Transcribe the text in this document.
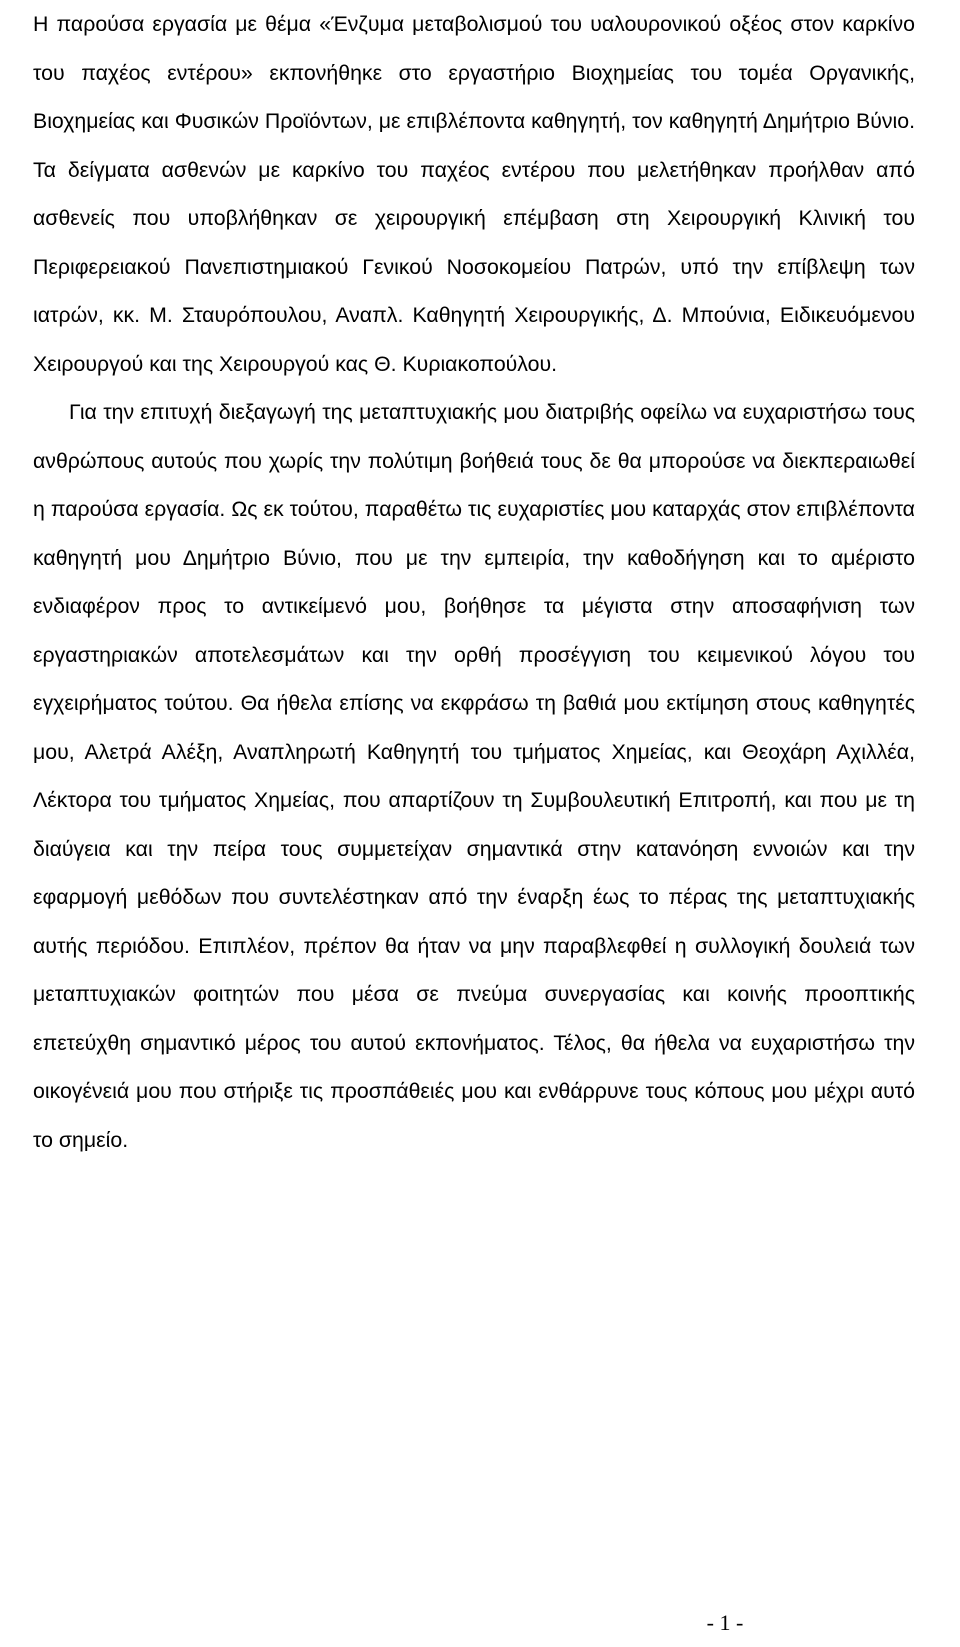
Η παρούσα εργασία με θέμα «Ένζυμα μεταβολισμού του υαλουρονικού οξέος στον καρκίνο του παχέος εντέρου» εκπονήθηκε στο εργαστήριο Βιοχημείας του τομέα Οργανικής, Βιοχημείας και Φυσικών Προϊόντων, με επιβλέποντα καθηγητή, τον καθηγητή Δημήτριο Βύνιο. Τα δείγματα ασθενών με καρκίνο του παχέος εντέρου που μελετήθηκαν προήλθαν από ασθενείς που υποβλήθηκαν σε χειρουργική επέμβαση στη Χειρουργική Κλινική του Περιφερειακού Πανεπιστημιακού Γενικού Νοσοκομείου Πατρών, υπό την επίβλεψη των ιατρών, κκ. Μ. Σταυρόπουλου, Αναπλ. Καθηγητή Χειρουργικής, Δ. Μπούνια, Ειδικευόμενου Χειρουργού και της Χειρουργού κας Θ. Κυριακοπούλου.

Για την επιτυχή διεξαγωγή της μεταπτυχιακής μου διατριβής οφείλω να ευχαριστήσω τους ανθρώπους αυτούς που χωρίς την πολύτιμη βοήθειά τους δε θα μπορούσε να διεκπεραιωθεί η παρούσα εργασία. Ως εκ τούτου, παραθέτω τις ευχαριστίες μου καταρχάς στον επιβλέποντα καθηγητή μου Δημήτριο Βύνιο, που με την εμπειρία, την καθοδήγηση και το αμέριστο ενδιαφέρον προς το αντικείμενό μου, βοήθησε τα μέγιστα στην αποσαφήνιση των εργαστηριακών αποτελεσμάτων και την ορθή προσέγγιση του κειμενικού λόγου του εγχειρήματος τούτου. Θα ήθελα επίσης να εκφράσω τη βαθιά μου εκτίμηση στους καθηγητές μου, Αλετρά Αλέξη, Αναπληρωτή Καθηγητή του τμήματος Χημείας, και Θεοχάρη Αχιλλέα, Λέκτορα του τμήματος Χημείας, που απαρτίζουν τη Συμβουλευτική Επιτροπή, και που με τη διαύγεια και την πείρα τους συμμετείχαν σημαντικά στην κατανόηση εννοιών και την εφαρμογή μεθόδων που συντελέστηκαν από την έναρξη έως το πέρας της μεταπτυχιακής αυτής περιόδου. Επιπλέον, πρέπον θα ήταν να μην παραβλεφθεί η συλλογική δουλειά των μεταπτυχιακών φοιτητών που μέσα σε πνεύμα συνεργασίας και κοινής προοπτικής επετεύχθη σημαντικό μέρος του αυτού εκπονήματος. Τέλος, θα ήθελα να ευχαριστήσω την οικογένειά μου που στήριξε τις προσπάθειές μου και ενθάρρυνε τους κόπους μου μέχρι αυτό το σημείο.

- 1 -
